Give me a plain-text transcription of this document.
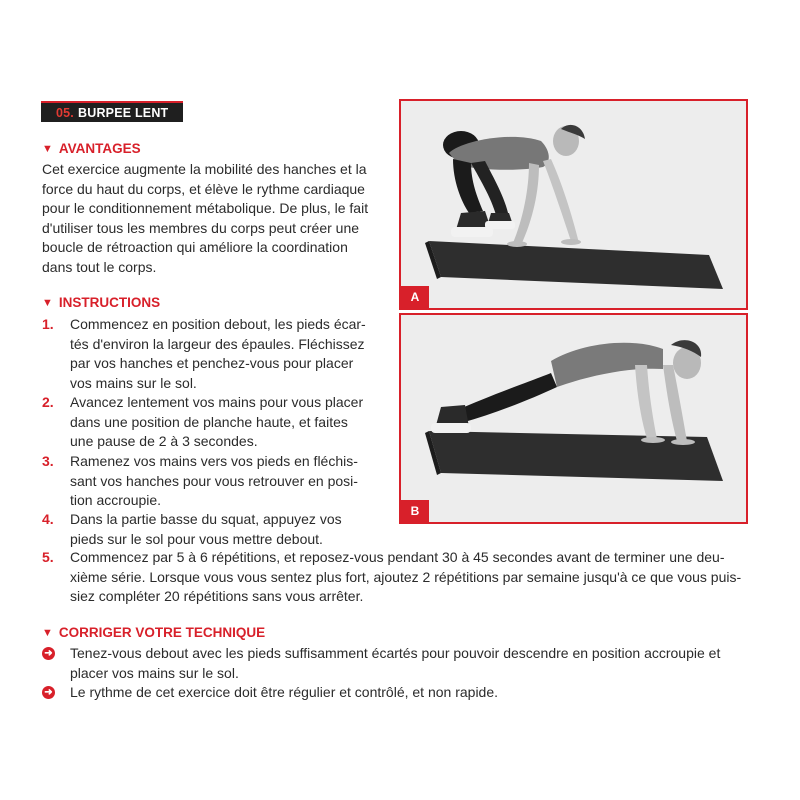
05. BURPEE LENT
▼ AVANTAGES
Cet exercice augmente la mobilité des hanches et la
force du haut du corps, et élève le rythme cardiaque
pour le conditionnement métabolique. De plus, le fait
d'utiliser tous les membres du corps peut créer une
boucle de rétroaction qui améliore la coordination
dans tout le corps.
▼ INSTRUCTIONS
1. Commencez en position debout, les pieds écar-
tés d'environ la largeur des épaules. Fléchissez
par vos hanches et penchez-vous pour placer
vos mains sur le sol.
2. Avancez lentement vos mains pour vous placer
dans une position de planche haute, et faites
une pause de 2 à 3 secondes.
3. Ramenez vos mains vers vos pieds en fléchis-
sant vos hanches pour vous retrouver en posi-
tion accroupie.
4. Dans la partie basse du squat, appuyez vos
pieds sur le sol pour vous mettre debout.
5. Commencez par 5 à 6 répétitions, et reposez-vous pendant 30 à 45 secondes avant de terminer une deu-
xième série. Lorsque vous vous sentez plus fort, ajoutez 2 répétitions par semaine jusqu'à ce que vous puis-
siez compléter 20 répétitions sans vous arrêter.
▼ CORRIGER VOTRE TECHNIQUE
➜ Tenez-vous debout avec les pieds suffisamment écartés pour pouvoir descendre en position accroupie et
placer vos mains sur le sol.
➜ Le rythme de cet exercice doit être régulier et contrôlé, et non rapide.
A
B
